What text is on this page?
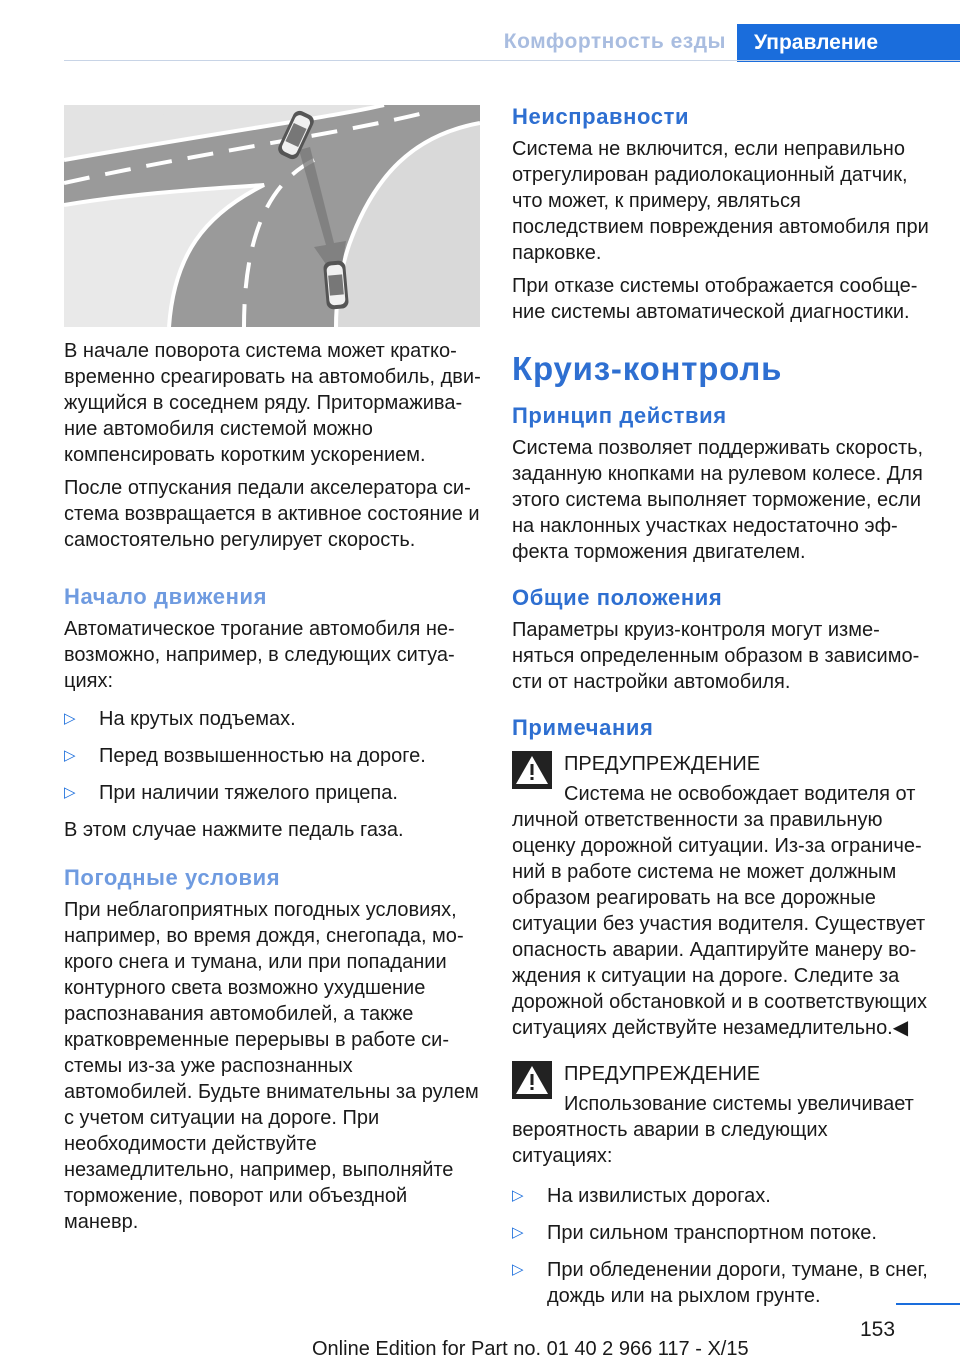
Комфортность езды	Управление

В начале поворота система может кратковременно среагировать на автомобиль, движущийся в соседнем ряду. Притормаживание автомобиля системой можно компенсировать коротким ускорением.

После отпускания педали акселератора система возвращается в активное состояние и самостоятельно регулирует скорость.

Начало движения

Автоматическое трогание автомобиля невозможно, например, в следующих ситуациях:

▷ На крутых подъемах.
▷ Перед возвышенностью на дороге.
▷ При наличии тяжелого прицепа.

В этом случае нажмите педаль газа.

Погодные условия

При неблагоприятных погодных условиях, например, во время дождя, снегопада, мокрого снега и тумана, или при попадании контурного света возможно ухудшение распознавания автомобилей, а также кратковременные перерывы в работе системы из-за уже распознанных автомобилей. Будьте внимательны за рулем с учетом ситуации на дороге. При необходимости действуйте незамедлительно, например, выполняйте торможение, поворот или объездной маневр.

Неисправности

Система не включится, если неправильно отрегулирован радиолокационный датчик, что может, к примеру, являться последствием повреждения автомобиля при парковке.

При отказе системы отображается сообщение системы автоматической диагностики.

Круиз-контроль
Принцип действия

Система позволяет поддерживать скорость, заданную кнопками на рулевом колесе. Для этого система выполняет торможение, если на наклонных участках недостаточно эффекта торможения двигателем.

Общие положения

Параметры круиз-контроля могут изменяться определенным образом в зависимости от настройки автомобиля.

Примечания
ПРЕДУПРЕЖДЕНИЕ

Система не освобождает водителя от личной ответственности за правильную оценку дорожной ситуации. Из-за ограничений в работе система не может должным образом реагировать на все дорожные ситуации без участия водителя. Существует опасность аварии. Адаптируйте манеру вождения к ситуации на дороге. Следите за дорожной обстановкой и в соответствующих ситуациях действуйте незамедлительно.◀

ПРЕДУПРЕЖДЕНИЕ

Использование системы увеличивает вероятность аварии в следующих ситуациях:

▷ На извилистых дорогах.
▷ При сильном транспортном потоке.
▷ При обледенении дороги, тумане, в снег, дождь или на рыхлом грунте.
153
Online Edition for Part no. 01 40 2 966 117 - X/15
